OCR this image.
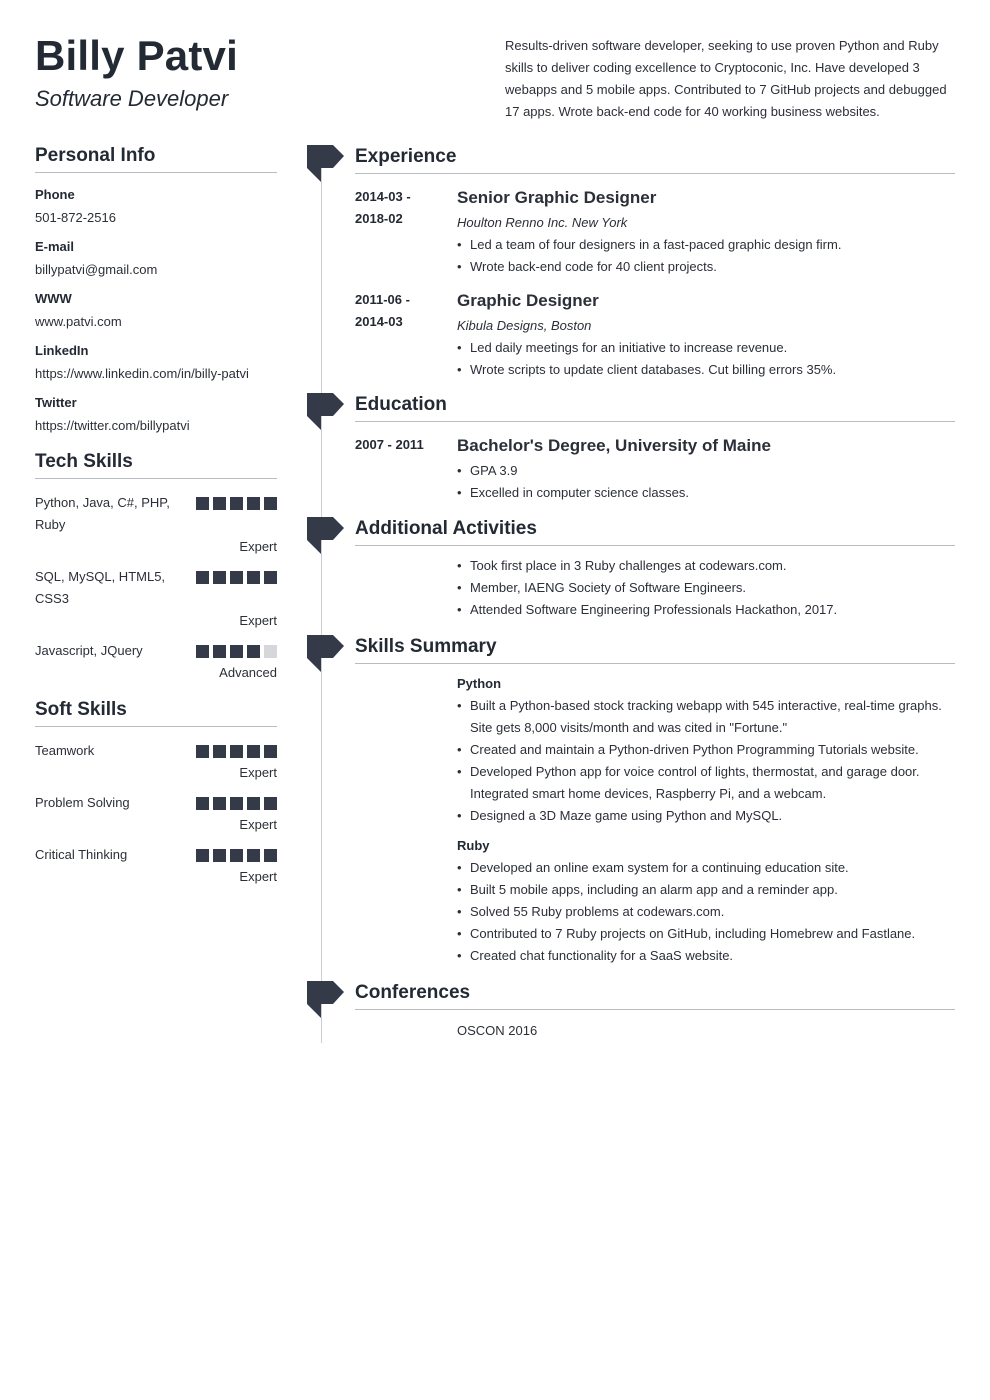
Billy Patvi
Software Developer
Results-driven software developer, seeking to use proven Python and Ruby skills to deliver coding excellence to Cryptoconic, Inc. Have developed 3 webapps and 5 mobile apps. Contributed to 7 GitHub projects and debugged 17 apps. Wrote back-end code for 40 working business websites.
Personal Info
Phone
501-872-2516
E-mail
billypatvi@gmail.com
WWW
www.patvi.com
LinkedIn
https://www.linkedin.com/in/billy-patvi
Twitter
https://twitter.com/billypatvi
Tech Skills
Python, Java, C#, PHP, Ruby
Expert
SQL, MySQL, HTML5, CSS3
Expert
Javascript, JQuery
Advanced
Soft Skills
Teamwork
Expert
Problem Solving
Expert
Critical Thinking
Expert
Experience
2014-03 - 2018-02
Senior Graphic Designer
Houlton Renno Inc. New York
• Led a team of four designers in a fast-paced graphic design firm.
• Wrote back-end code for 40 client projects.
2011-06 - 2014-03
Graphic Designer
Kibula Designs, Boston
• Led daily meetings for an initiative to increase revenue.
• Wrote scripts to update client databases. Cut billing errors 35%.
Education
2007 - 2011	Bachelor's Degree, University of Maine
• GPA 3.9
• Excelled in computer science classes.
Additional Activities
• Took first place in 3 Ruby challenges at codewars.com.
• Member, IAENG Society of Software Engineers.
• Attended Software Engineering Professionals Hackathon, 2017.
Skills Summary
Python
• Built a Python-based stock tracking webapp with 545 interactive, real-time graphs. Site gets 8,000 visits/month and was cited in "Fortune."
• Created and maintain a Python-driven Python Programming Tutorials website.
• Developed Python app for voice control of lights, thermostat, and garage door. Integrated smart home devices, Raspberry Pi, and a webcam.
• Designed a 3D Maze game using Python and MySQL.
Ruby
• Developed an online exam system for a continuing education site.
• Built 5 mobile apps, including an alarm app and a reminder app.
• Solved 55 Ruby problems at codewars.com.
• Contributed to 7 Ruby projects on GitHub, including Homebrew and Fastlane.
• Created chat functionality for a SaaS website.
Conferences
OSCON 2016
